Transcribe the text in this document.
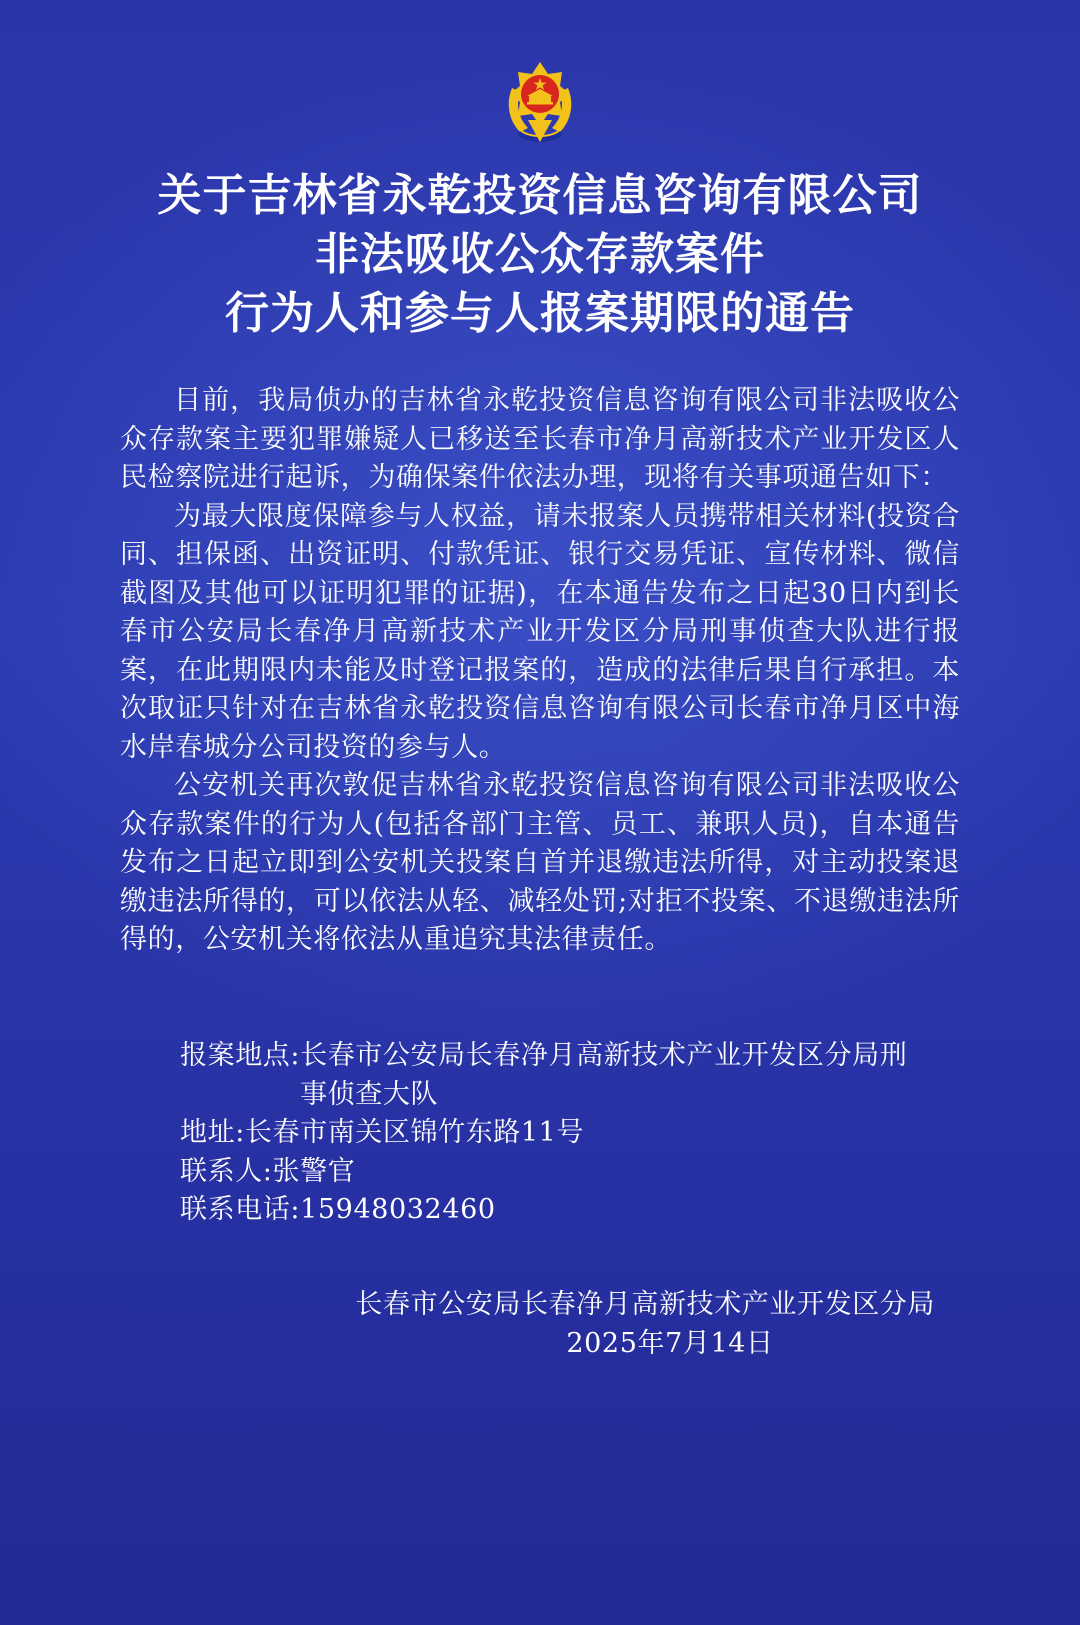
关于吉林省永乾投资信息咨询有限公司
非法吸收公众存款案件
行为人和参与人报案期限的通告

目前，我局侦办的吉林省永乾投资信息咨询有限公司非法吸收公众存款案主要犯罪嫌疑人已移送至长春市净月高新技术产业开发区人民检察院进行起诉，为确保案件依法办理，现将有关事项通告如下：

为最大限度保障参与人权益，请未报案人员携带相关材料(投资合同、担保函、出资证明、付款凭证、银行交易凭证、宣传材料、微信截图及其他可以证明犯罪的证据)，在本通告发布之日起30日内到长春市公安局长春净月高新技术产业开发区分局刑事侦查大队进行报案，在此期限内未能及时登记报案的，造成的法律后果自行承担。本次取证只针对在吉林省永乾投资信息咨询有限公司长春市净月区中海水岸春城分公司投资的参与人。

公安机关再次敦促吉林省永乾投资信息咨询有限公司非法吸收公众存款案件的行为人(包括各部门主管、员工、兼职人员)，自本通告发布之日起立即到公安机关投案自首并退缴违法所得，对主动投案退缴违法所得的，可以依法从轻、减轻处罚;对拒不投案、不退缴违法所得的，公安机关将依法从重追究其法律责任。

报案地点: 长春市公安局长春净月高新技术产业开发区分局刑事侦查大队
地址: 长春市南关区锦竹东路11号
联系人: 张警官
联系电话: 15948032460
长春市公安局长春净月高新技术产业开发区分局
2025年7月14日
